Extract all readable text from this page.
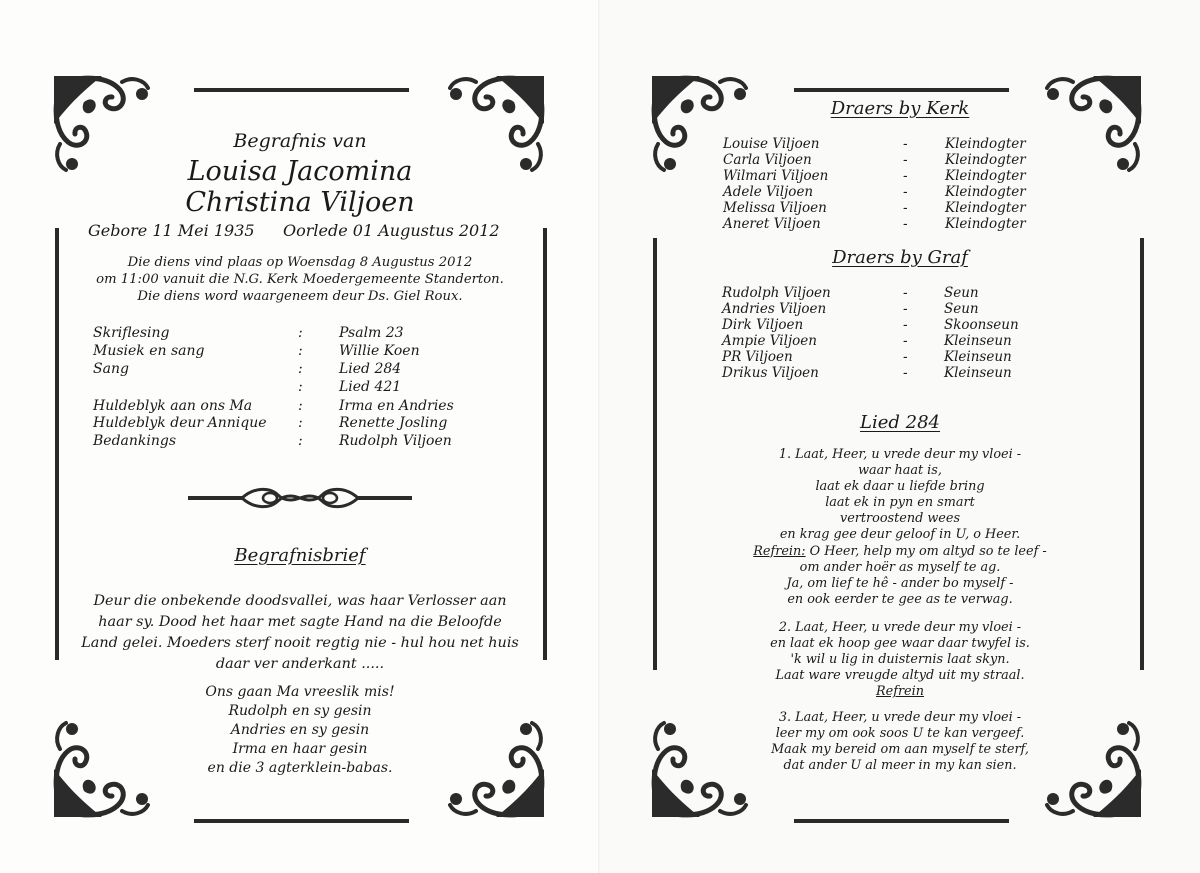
Begrafnis van
Louisa Jacomina
Christina Viljoen
Gebore 11 Mei 1935 Oorlede 01 Augustus 2012
Die diens vind plaas op Woensdag 8 Augustus 2012
om 11:00 vanuit die N.G. Kerk Moedergemeente Standerton.
Die diens word waargeneem deur Ds. Giel Roux.
Skriflesing	:	Psalm 23
Musiek en sang	:	Willie Koen
Sang	:	Lied 284
:	Lied 421
Huldeblyk aan ons Ma	:	Irma en Andries
Huldeblyk deur Annique :	Renette Josling
Bedankings	:	Rudolph Viljoen
Begrafnisbrief
Deur die onbekende doodsvallei, was haar Verlosser aan
haar sy. Dood het haar met sagte Hand na die Beloofde
Land gelei. Moeders sterf nooit regtig nie - hul hou net huis
daar ver anderkant .....
Ons gaan Ma vreeslik mis!
Rudolph en sy gesin
Andries en sy gesin
Irma en haar gesin
en die 3 agterklein-babas.
Draers by Kerk
Louise Viljoen	-	Kleindogter
Carla Viljoen	-	Kleindogter
Wilmari Viljoen	-	Kleindogter
Adele Viljoen	-	Kleindogter
Melissa Viljoen	-	Kleindogter
Aneret Viljoen	-	Kleindogter
Draers by Graf
Rudolph Viljoen	-	Seun
Andries Viljoen	-	Seun
Dirk Viljoen	-	Skoonseun
Ampie Viljoen	-	Kleinseun
PR Viljoen	-	Kleinseun
Drikus Viljoen	-	Kleinseun
Lied 284
1. Laat, Heer, u vrede deur my vloei -
waar haat is,
laat ek daar u liefde bring
laat ek in pyn en smart
vertroostend wees
en krag gee deur geloof in U, o Heer.
Refrein: O Heer, help my om altyd so te leef -
om ander hoër as myself te ag.
Ja, om lief te hê - ander bo myself -
en ook eerder te gee as te verwag.
2. Laat, Heer, u vrede deur my vloei -
en laat ek hoop gee waar daar twyfel is.
'k wil u lig in duisternis laat skyn.
Laat ware vreugde altyd uit my straal.
Refrein
3. Laat, Heer, u vrede deur my vloei -
leer my om ook soos U te kan vergeef.
Maak my bereid om aan myself te sterf,
dat ander U al meer in my kan sien.
